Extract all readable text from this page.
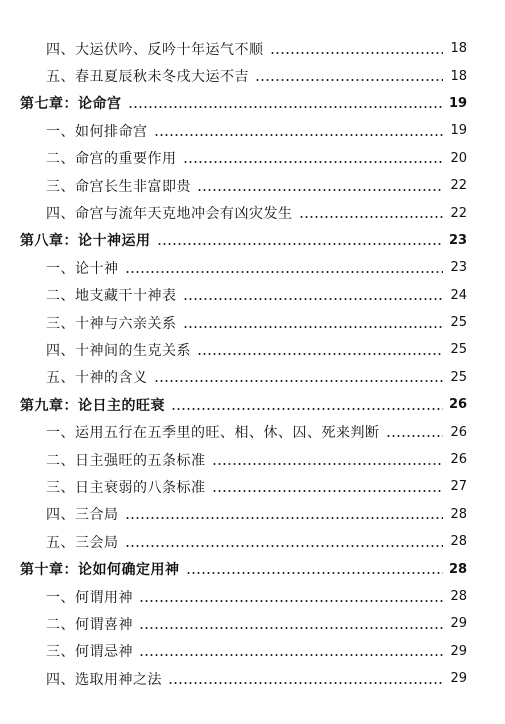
四、大运伏吟、反吟十年运气不顺	18
五、春丑夏辰秋未冬戌大运不吉	18
第七章：论命宫	19
一、如何排命宫	19
二、命宫的重要作用	20
三、命宫长生非富即贵	22
四、命宫与流年天克地冲会有凶灾发生	22
第八章：论十神运用	23
一、论十神	23
二、地支藏干十神表	24
三、十神与六亲关系	25
四、十神间的生克关系	25
五、十神的含义	25
第九章：论日主的旺衰	26
一、运用五行在五季里的旺、相、休、囚、死来判断	26
二、日主强旺的五条标准	26
三、日主衰弱的八条标准	27
四、三合局	28
五、三会局	28
第十章：论如何确定用神	28
一、何谓用神	28
二、何谓喜神	29
三、何谓忌神	29
四、选取用神之法	29
